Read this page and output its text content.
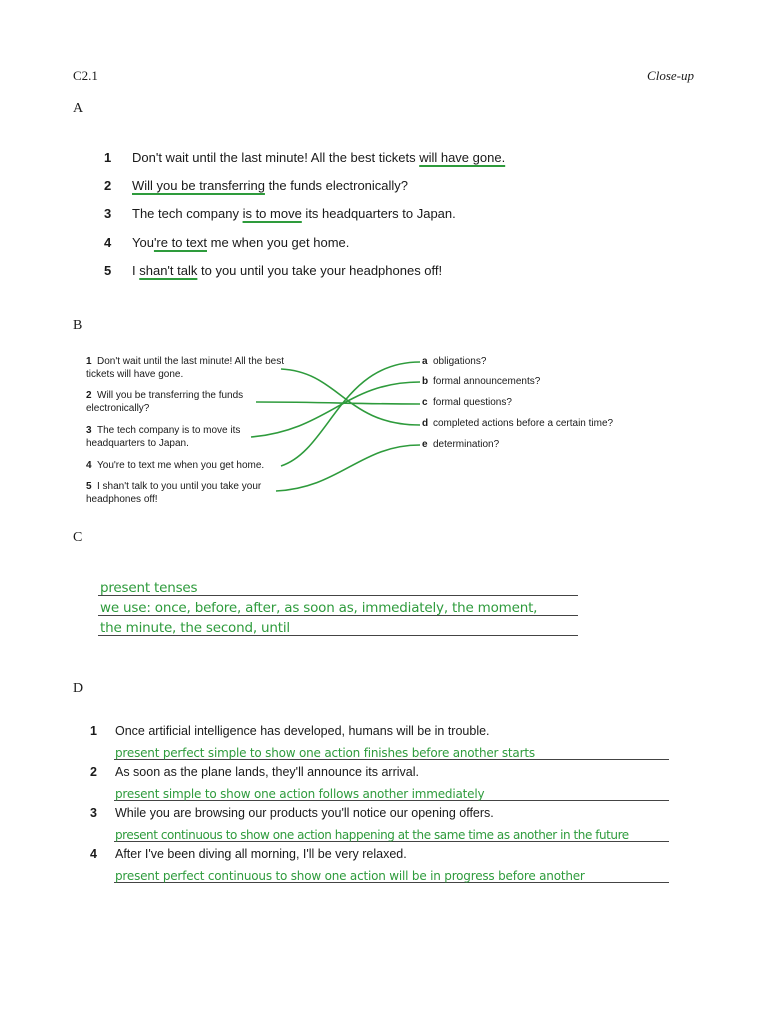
C2.1	Close-up
A
1 Don't wait until the last minute! All the best tickets will have gone.
2 Will you be transferring the funds electronically?
3 The tech company is to move its headquarters to Japan.
4 You're to text me when you get home.
5 I shan't talk to you until you take your headphones off!
B
1 Don't wait until the last minute! All the best tickets will have gone.
2 Will you be transferring the funds electronically?
3 The tech company is to move its headquarters to Japan.
4 You're to text me when you get home.
5 I shan't talk to you until you take your headphones off!
a obligations?
b formal announcements?
c formal questions?
d completed actions before a certain time?
e determination?
C
present tenses
we use: once, before, after, as soon as, immediately, the moment,
the minute, the second, until
D
1 Once artificial intelligence has developed, humans will be in trouble.
present perfect simple to show one action finishes before another starts
2 As soon as the plane lands, they'll announce its arrival.
present simple to show one action follows another immediately
3 While you are browsing our products you'll notice our opening offers.
present continuous to show one action happening at the same time as another in the future
4 After I've been diving all morning, I'll be very relaxed.
present perfect continuous to show one action will be in progress before another
